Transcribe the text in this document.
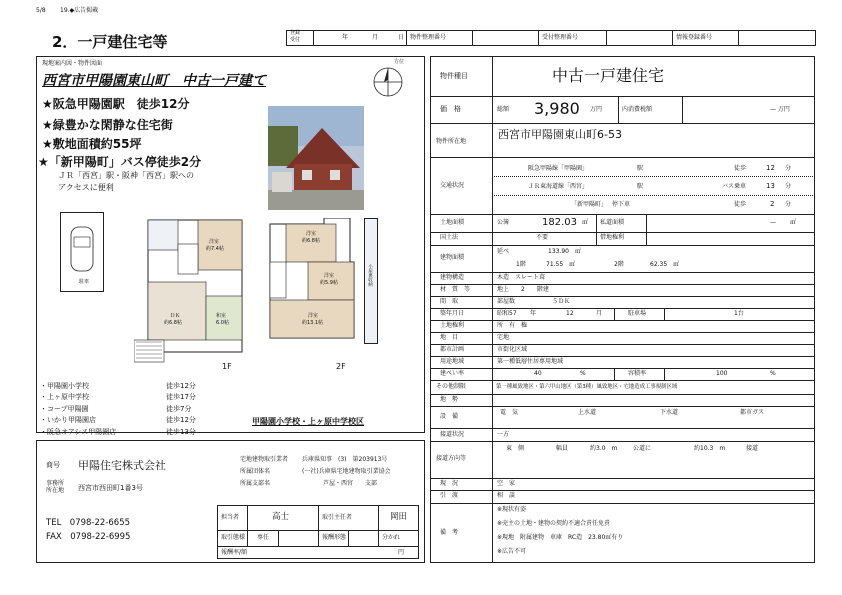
5/8 19.◆広告掲載
2．一戸建住宅等	登録
受付	年	月	日 物件整理番号	受付整理番号	情報登録番号
現地案内図・物件図面
西宮市甲陽園東山町　中古一戸建て
★阪急甲陽園駅　徒歩12分
★緑豊かな閑静な住宅街
★敷地面積約55坪
★「新甲陽町」バス停徒歩2分
ＪＲ「西宮」駅・阪神「西宮」駅への
アクセスに便利
方位
駐車
洋室
約7.4帖
ＤＫ
約6.8帖
和室
6.0帖
1F
洋室
約6.8帖
洋室
約5.9帖
洋室
約13.1帖
2F
小屋裏収納
・甲陽園小学校	徒歩12分
・上ヶ原中学校	徒歩17分
・コープ甲陽園	徒歩7分
・いかり甲陽園店	徒歩12分
・阪急オアシス甲陽園店	徒歩13分
甲陽園小学校・上ヶ原中学校区
商号 甲陽住宅株式会社
事務所
所在地 西宮市西田町1番3号
宅地建物取引業者 兵庫県知事　(3)　第203913号
所属団体名	(一社)兵庫県宅地建物取引業協会
所属支部名	芦屋・西宮　　支部
TEL　0798-22-6655
FAX　0798-22-6995
担当者	高士	取引主任者	岡田
取引態様 専任	報酬形態	分かれ
報酬率/額	円
物件種目	中古一戸建住宅
価　格	総額 3,980 万円	内消費税額	— 万円
物件所在地
西宮市甲陽園東山町6-53
交通状況
阪急甲陽線「甲陽園」	駅	徒歩	12 分
ＪＲ東海道線「西宮」	駅	バス乗車	13 分
「新甲陽町」 停下車	徒歩	2 分
土地面積	公簿	182.03 ㎡ 私道面積	— ㎡
国土法	不要	借地権利
建物面積
延べ	133.90　㎡
1階	71.55　㎡	2階	62.35　㎡
建物構造	木造　スレート葺
材　質　等	地上　　2　　階建
間　取	部屋数	５ＤＫ
築年月日	昭和57 年	12	月	駐車場	1台
土地権利	所　有　権
地　目	宅地
都市計画	市街化区域
用途地域	第一種低層住居専用地域
建ぺい率	40	%	容積率	100	%
その他制限	第一種風致地区・第六甲山地区（第3種）風致地区・宅地造成工事規制区域
地　勢
設　備
電　気	上水道	下水道	都市ガス
接道状況	一方
接道方向等
東　側	幅員	約3.0　m	公道に	約10.3　m	接道
現　況	空　家
引　渡	相　談
備　考
※現状有姿
※売主の土地・建物の契約不適合責任免責
※現地　附属建物　車庫　RC造　23.80㎡有り
※広告不可
